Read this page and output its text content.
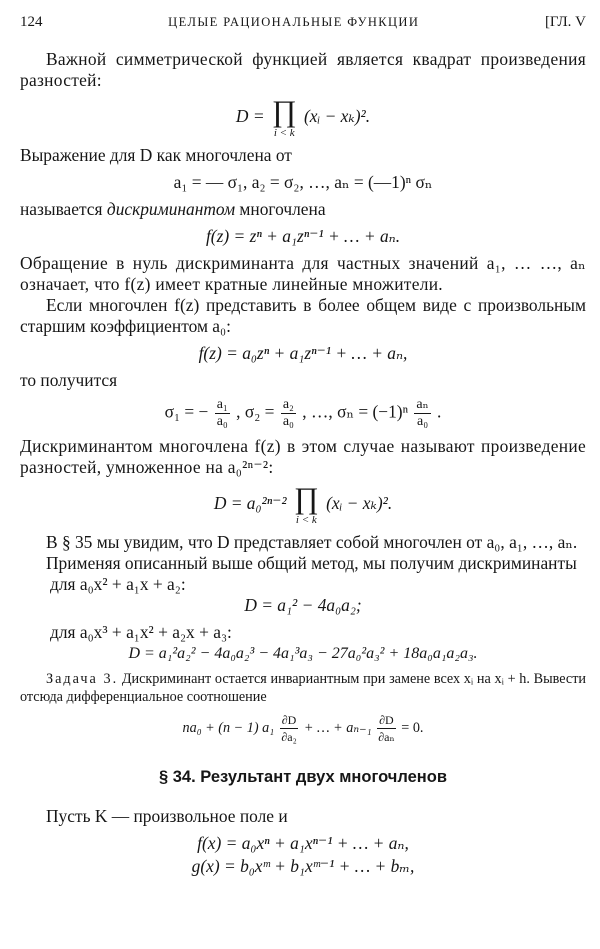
124	ЦЕЛЫЕ РАЦИОНАЛЬНЫЕ ФУНКЦИИ	[ГЛ. V

Важной симметрической функцией является квадрат произведения разностей:

D = ∏
i < k
(xᵢ − xₖ)².

Выражение для D как многочлена от

a₁ = — σ₁, a₂ = σ₂, …, aₙ = (—1)ⁿ σₙ

называется дискриминантом многочлена

f(z) = zⁿ + a₁zⁿ⁻¹ + … + aₙ.

Обращение в нуль дискриминанта для частных значений a₁, … …, aₙ означает, что f(z) имеет кратные линейные множители.

Если многочлен f(z) представить в более общем виде с произвольным старшим коэффициентом a₀:

f(z) = a₀zⁿ + a₁zⁿ⁻¹ + … + aₙ,

то получится

σ₁ = − $\frac{\text{a₁}}{\text{a₀}}$ , $\sigma_2 = \frac{\text{a₂}}{\text{a₀}}$ , …, $\sigma_n = (-1)^n \frac{\text{aₙ}}{\text{a₀}}$ .

Дискриминантом многочлена f(z) в этом случае называют произведение разностей, умноженное на a₀²ⁿ⁻²:

D = a₀²ⁿ⁻² ∏
i < k
(xᵢ − xₖ)².

В § 35 мы увидим, что D представляет собой многочлен от a₀, a₁, …, aₙ.

Применяя описанный выше общий метод, мы получим дискриминанты

для a₀x² + a₁x + a₂:
D = a₁² − 4a₀a₂;
для a₀x³ + a₁x² + a₂x + a₃:
D = a₁²a₂² − 4a₀a₂³ − 4a₁³a₃ − 27a₀²a₃² + 18a₀a₁a₂a₃.

Задача 3. Дискриминант остается инвариантным при замене всех xᵢ на xᵢ + h. Вывести отсюда дифференциальное соотношение

na₀ + (n − 1) $a_1 \frac{\partial D}{\text{∂a₂}}$ + … + $a_{n-1} \frac{\partial D}{\text{∂aₙ}} = 0$.
§ 34. Результант двух многочленов

Пусть K — произвольное поле и

f(x) = a₀xⁿ + a₁xⁿ⁻¹ + … + aₙ,
g(x) = b₀xᵐ + b₁xᵐ⁻¹ + … + bₘ,
